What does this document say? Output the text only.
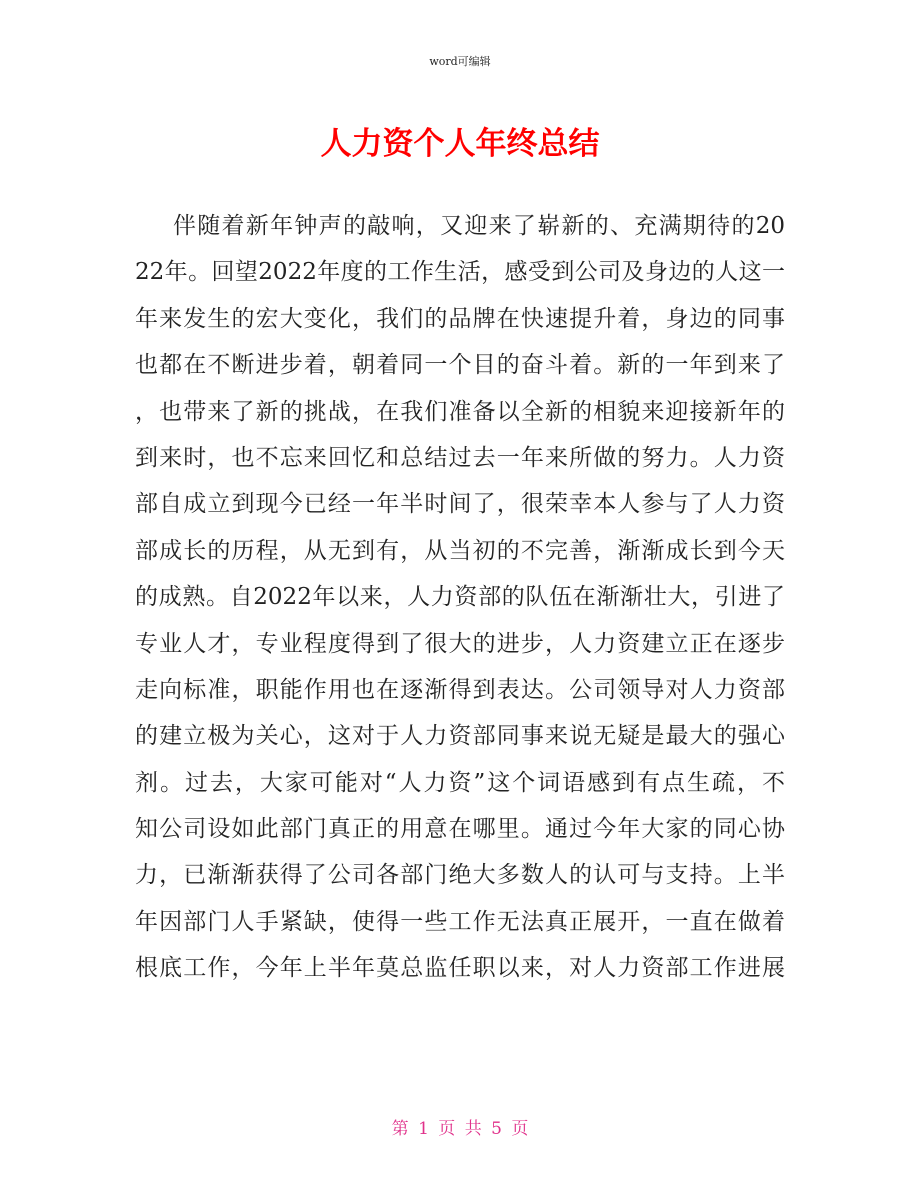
word可编辑
人力资个人年终总结
伴随着新年钟声的敲响，又迎来了崭新的、充满期待的20
22年。回望2022年度的工作生活，感受到公司及身边的人这一
年来发生的宏大变化，我们的品牌在快速提升着，身边的同事
也都在不断进步着，朝着同一个目的奋斗着。新的一年到来了
，也带来了新的挑战，在我们准备以全新的相貌来迎接新年的
到来时，也不忘来回忆和总结过去一年来所做的努力。人力资
部自成立到现今已经一年半时间了，很荣幸本人参与了人力资
部成长的历程，从无到有，从当初的不完善，渐渐成长到今天
的成熟。自2022年以来，人力资部的队伍在渐渐壮大，引进了
专业人才，专业程度得到了很大的进步，人力资建立正在逐步
走向标准，职能作用也在逐渐得到表达。公司领导对人力资部
的建立极为关心，这对于人力资部同事来说无疑是最大的强心
剂。过去，大家可能对“人力资”这个词语感到有点生疏，不
知公司设如此部门真正的用意在哪里。通过今年大家的同心协
力，已渐渐获得了公司各部门绝大多数人的认可与支持。上半
年因部门人手紧缺，使得一些工作无法真正展开，一直在做着
根底工作，今年上半年莫总监任职以来，对人力资部工作进展
第 1 页 共 5 页
